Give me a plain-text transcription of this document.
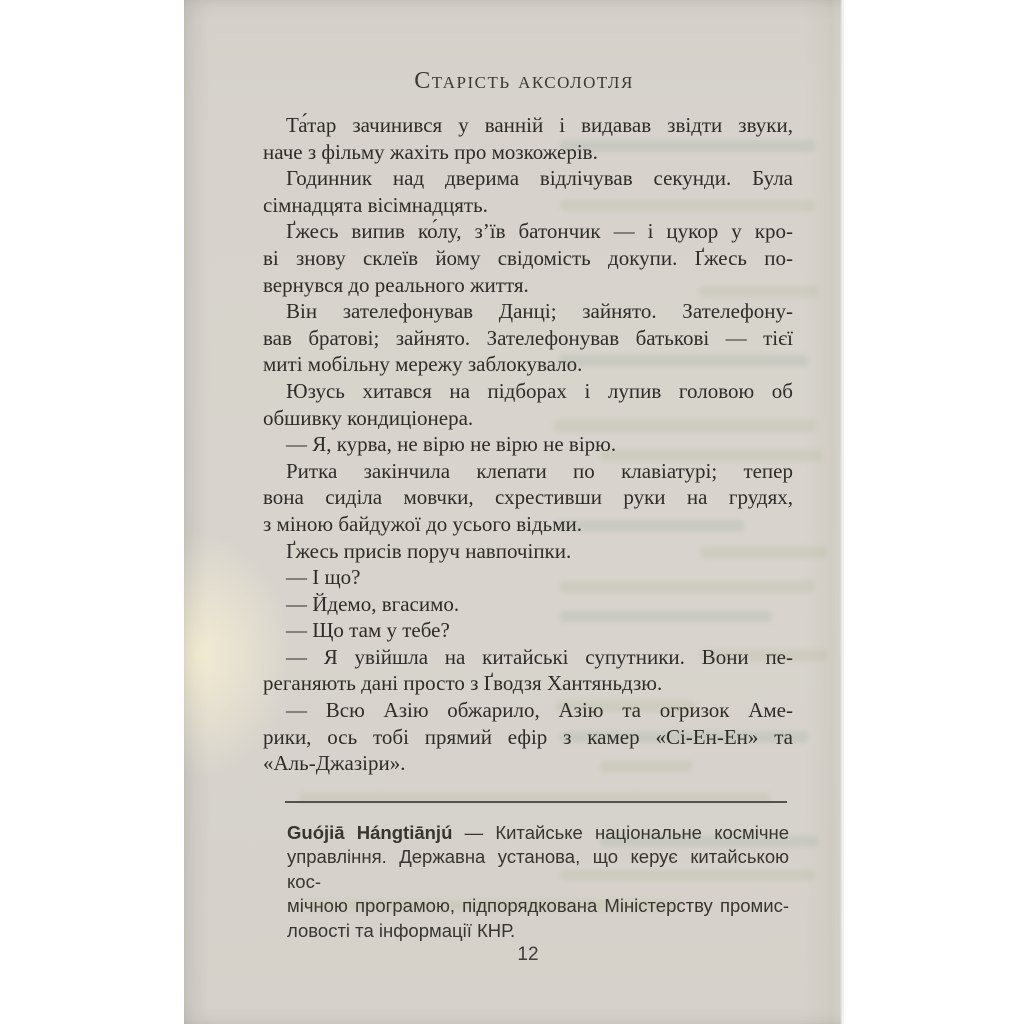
Старість аксолотля
Та́тар зачинився у ванній і видавав звідти звуки,
наче з фільму жахіть про мозкожерів.
Годинник над дверима відлічував секунди. Була
сімнадцята вісімнадцять.
Ґжесь випив ко́лу, з’їв батончик — і цукор у кро-
ві знову склеїв йому свідомість докупи. Ґжесь по-
вернувся до реального життя.
Він зателефонував Данці; зайнято. Зателефону-
вав братові; зайнято. Зателефонував батькові — тієї
миті мобільну мережу заблокувало.
Юзусь хитався на підборах і лупив головою об
обшивку кондиціонера.
— Я, курва, не вірю не вірю не вірю.
Ритка закінчила клепати по клавіатурі; тепер
вона сиділа мовчки, схрестивши руки на грудях,
з міною байдужої до усього відьми.
Ґжесь присів поруч навпочіпки.
— І що?
— Йдемо, вгасимо.
— Що там у тебе?
— Я увійшла на китайські супутники. Вони пе-
реганяють дані просто з Ґводзя Хантяньдзю.
— Всю Азію обжарило, Азію та огризок Аме-
рики, ось тобі прямий ефір з камер «Сі-Ен-Ен» та
«Аль-Джазіри».
Guójiā Hángtiānjú — Китайське національне космічне
управління. Державна установа, що керує китайською кос-
мічною програмою, підпорядкована Міністерству промис-
ловості та інформації КНР.
12
